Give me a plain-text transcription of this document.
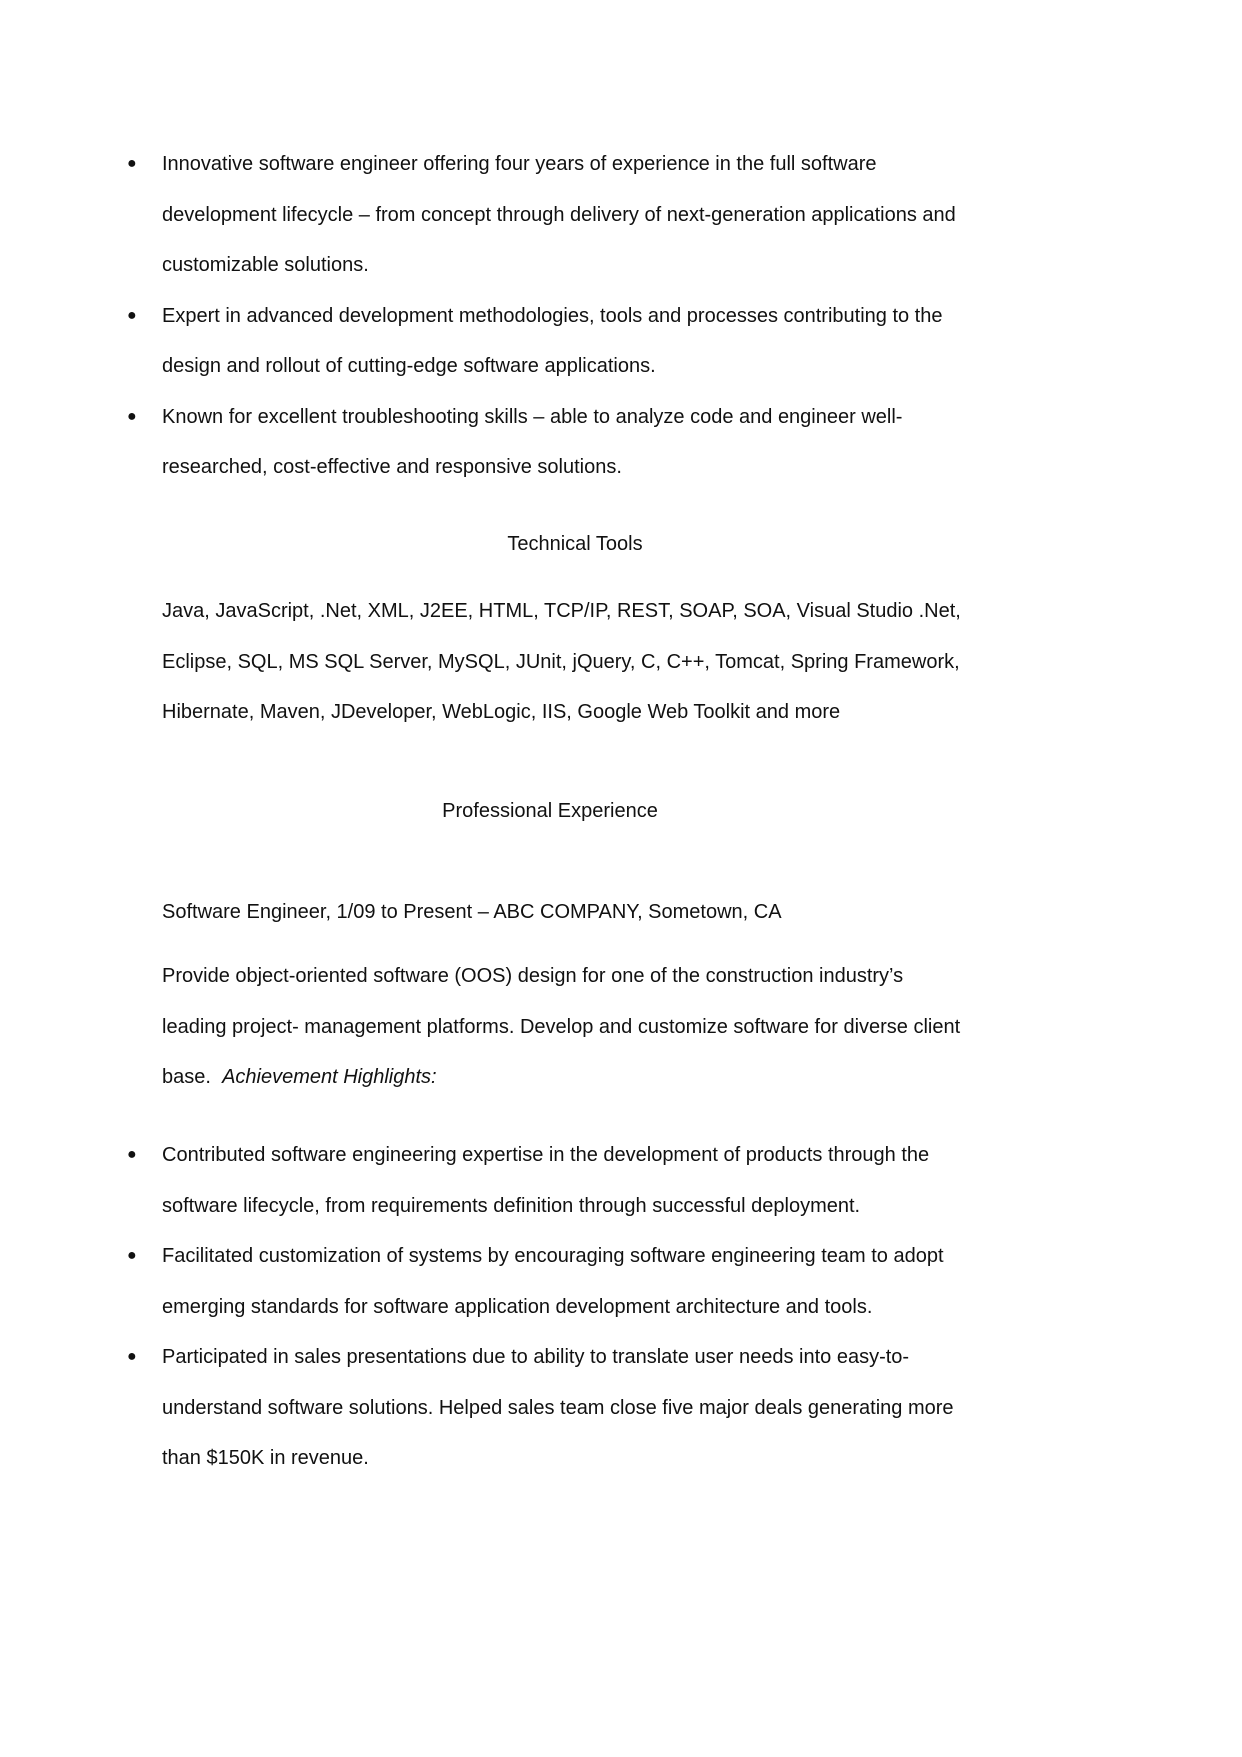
● Innovative software engineer offering four years of experience in the full software development lifecycle – from concept through delivery of next-generation applications and customizable solutions.
● Expert in advanced development methodologies, tools and processes contributing to the design and rollout of cutting-edge software applications.
● Known for excellent troubleshooting skills – able to analyze code and engineer well-researched, cost-effective and responsive solutions.
Technical Tools

Java, JavaScript, .Net, XML, J2EE, HTML, TCP/IP, REST, SOAP, SOA, Visual Studio .Net, Eclipse, SQL, MS SQL Server, MySQL, JUnit, jQuery, C, C++, Tomcat, Spring Framework, Hibernate, Maven, JDeveloper, WebLogic, IIS, Google Web Toolkit and more

Professional Experience

Software Engineer, 1/09 to Present – ABC COMPANY, Sometown, CA

Provide object-oriented software (OOS) design for one of the construction industry’s leading project- management platforms. Develop and customize software for diverse client base. Achievement Highlights:

● Contributed software engineering expertise in the development of products through the software lifecycle, from requirements definition through successful deployment.
● Facilitated customization of systems by encouraging software engineering team to adopt emerging standards for software application development architecture and tools.
● Participated in sales presentations due to ability to translate user needs into easy-to-understand software solutions. Helped sales team close five major deals generating more than $150K in revenue.
